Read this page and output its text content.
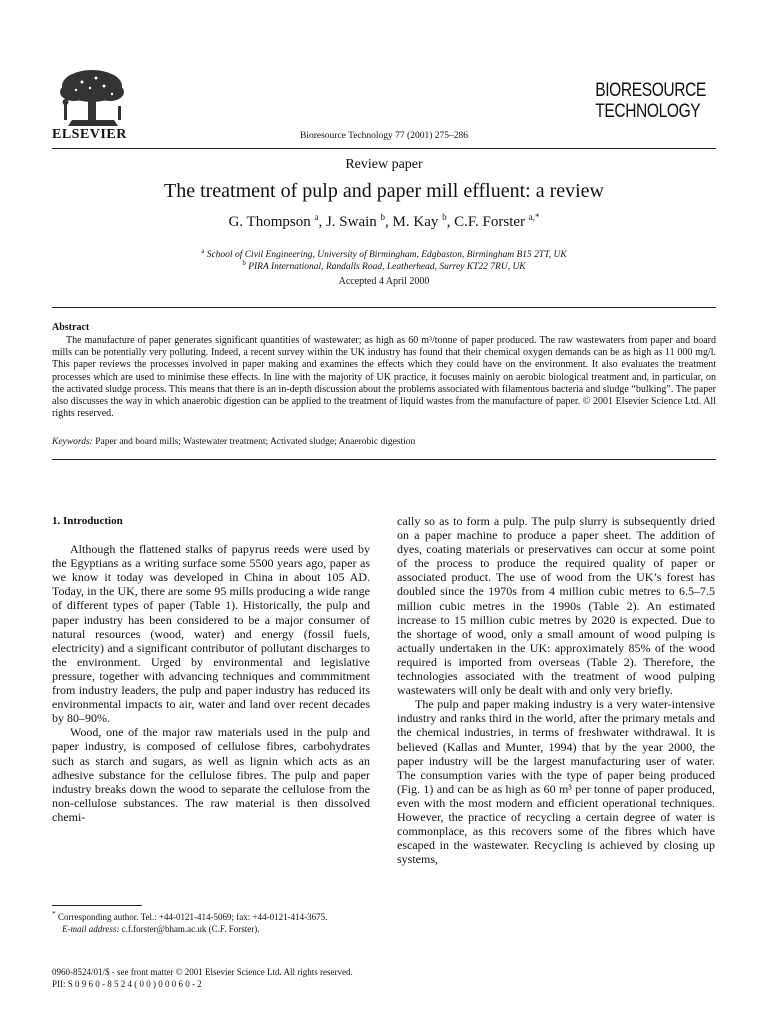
ELSEVIER	Bioresource Technology 77 (2001) 275–286
BIORESOURCE
TECHNOLOGY
Review paper
The treatment of pulp and paper mill effluent: a review
G. Thompson $^a$, J. Swain $^b$, M. Kay $^b$, C.F. Forster $^{a,*}$
$^a$ School of Civil Engineering, University of Birmingham, Edgbaston, Birmingham B15 2TT, UK
$^b$ PIRA International, Randalls Road, Leatherhead, Surrey KT22 7RU, UK
Accepted 4 April 2000
Abstract
The manufacture of paper generates significant quantities of wastewater; as high as 60 m³/tonne of paper produced. The raw wastewaters from paper and board mills can be potentially very polluting. Indeed, a recent survey within the UK industry has found that their chemical oxygen demands can be as high as 11 000 mg/l. This paper reviews the processes involved in paper making and examines the effects which they could have on the environment. It also evaluates the treatment processes which are used to minimise these effects. In line with the majority of UK practice, it focuses mainly on aerobic biological treatment and, in particular, on the activated sludge process. This means that there is an in-depth discussion about the problems associated with filamentous bacteria and sludge “bulking”. The paper also discusses the way in which anaerobic digestion can be applied to the treatment of liquid wastes from the manufacture of paper. © 2001 Elsevier Science Ltd. All rights reserved.
Keywords: Paper and board mills; Wastewater treatment; Activated sludge; Anaerobic digestion
1. Introduction

Although the flattened stalks of papyrus reeds were used by the Egyptians as a writing surface some 5500 years ago, paper as we know it today was developed in China in about 105 AD. Today, in the UK, there are some 95 mills producing a wide range of different types of paper (Table 1). Historically, the pulp and paper industry has been considered to be a major consumer of natural resources (wood, water) and energy (fossil fuels, electricity) and a significant contributor of pollutant discharges to the environment. Urged by environmental and legislative pressure, together with advancing techniques and commmitment from industry leaders, the pulp and paper industry has reduced its environmental impacts to air, water and land over recent decades by 80–90%.

Wood, one of the major raw materials used in the pulp and paper industry, is composed of cellulose fibres, carbohydrates such as starch and sugars, as well as lignin which acts as an adhesive substance for the cellulose fibres. The pulp and paper industry breaks down the wood to separate the cellulose from the non-cellulose substances. The raw material is then dissolved chemi-

cally so as to form a pulp. The pulp slurry is subsequently dried on a paper machine to produce a paper sheet. The addition of dyes, coating materials or preservatives can occur at some point of the process to produce the required quality of paper or associated product. The use of wood from the UK’s forest has doubled since the 1970s from 4 million cubic metres to 6.5–7.5 million cubic metres in the 1990s (Table 2). An estimated increase to 15 million cubic metres by 2020 is expected. Due to the shortage of wood, only a small amount of wood pulping is actually undertaken in the UK: approximately 85% of the wood required is imported from overseas (Table 2). Therefore, the technologies associated with the treatment of wood pulping wastewaters will only be dealt with and only very briefly.

The pulp and paper making industry is a very water-intensive industry and ranks third in the world, after the primary metals and the chemical industries, in terms of freshwater withdrawal. It is believed (Kallas and Munter, 1994) that by the year 2000, the paper industry will be the largest manufacturing user of water. The consumption varies with the type of paper being produced (Fig. 1) and can be as high as 60 m³ per tonne of paper produced, even with the most modern and efficient operational techniques. However, the practice of recycling a certain degree of water is commonplace, as this recovers some of the fibres which have escaped in the wastewater. Recycling is achieved by closing up systems,

* Corresponding author. Tel.: +44-0121-414-5069; fax: +44-0121-414-3675.
E-mail address: c.f.forster@bham.ac.uk (C.F. Forster).
0960-8524/01/$ - see front matter © 2001 Elsevier Science Ltd. All rights reserved.
PII: S 0 9 6 0 - 8 5 2 4 ( 0 0 ) 0 0 0 6 0 - 2
